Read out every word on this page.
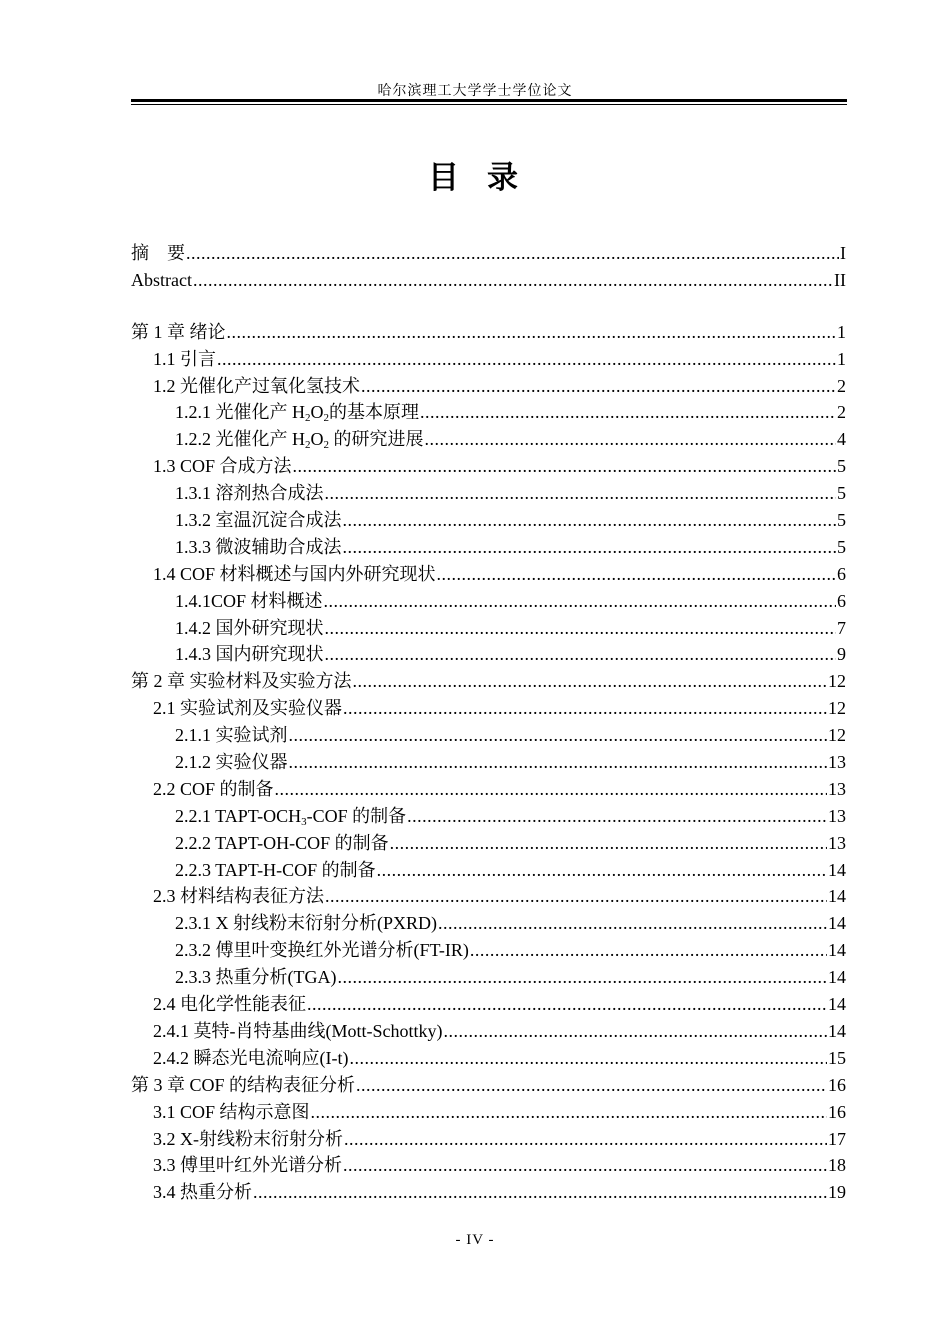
哈尔滨理工大学学士学位论文
目录
摘　要 .....	I
Abstract .....	II
第 1 章 绪论 .....	1
1.1 引言 .....	1
1.2 光催化产过氧化氢技术 .....	2
1.2.1 光催化产 $H_2O_2$的基本原理 .....	2
1.2.2 光催化产 $H_2O_2$ 的研究进展 .....	4
1.3 COF 合成方法 .....	5
1.3.1 溶剂热合成法 .....	5
1.3.2 室温沉淀合成法 .....	5
1.3.3 微波辅助合成法 .....	5
1.4 COF 材料概述与国内外研究现状 .....	6
1.4.1COF 材料概述 .....	6
1.4.2 国外研究现状 .....	7
1.4.3 国内研究现状 .....	9
第 2 章 实验材料及实验方法 .....	12
2.1 实验试剂及实验仪器 .....	12
2.1.1 实验试剂 .....	12
2.1.2 实验仪器 .....	13
2.2 COF 的制备 .....	13
2.2.1 TAPT-$OCH_3$-COF 的制备 .....	13
2.2.2 TAPT-OH-COF 的制备 .....	13
2.2.3 TAPT-H-COF 的制备 .....	14
2.3 材料结构表征方法 .....	14
2.3.1 X 射线粉末衍射分析(PXRD) .....	14
2.3.2 傅里叶变换红外光谱分析(FT-IR) .....	14
2.3.3 热重分析(TGA) .....	14
2.4 电化学性能表征 .....	14
2.4.1 莫特-肖特基曲线(Mott-Schottky) .....	14
2.4.2 瞬态光电流响应(I-t) .....	15
第 3 章 COF 的结构表征分析 .....	16
3.1 COF 结构示意图 .....	16
3.2 X-射线粉末衍射分析 .....	17
3.3 傅里叶红外光谱分析 .....	18
3.4 热重分析 .....	19
- IV -
